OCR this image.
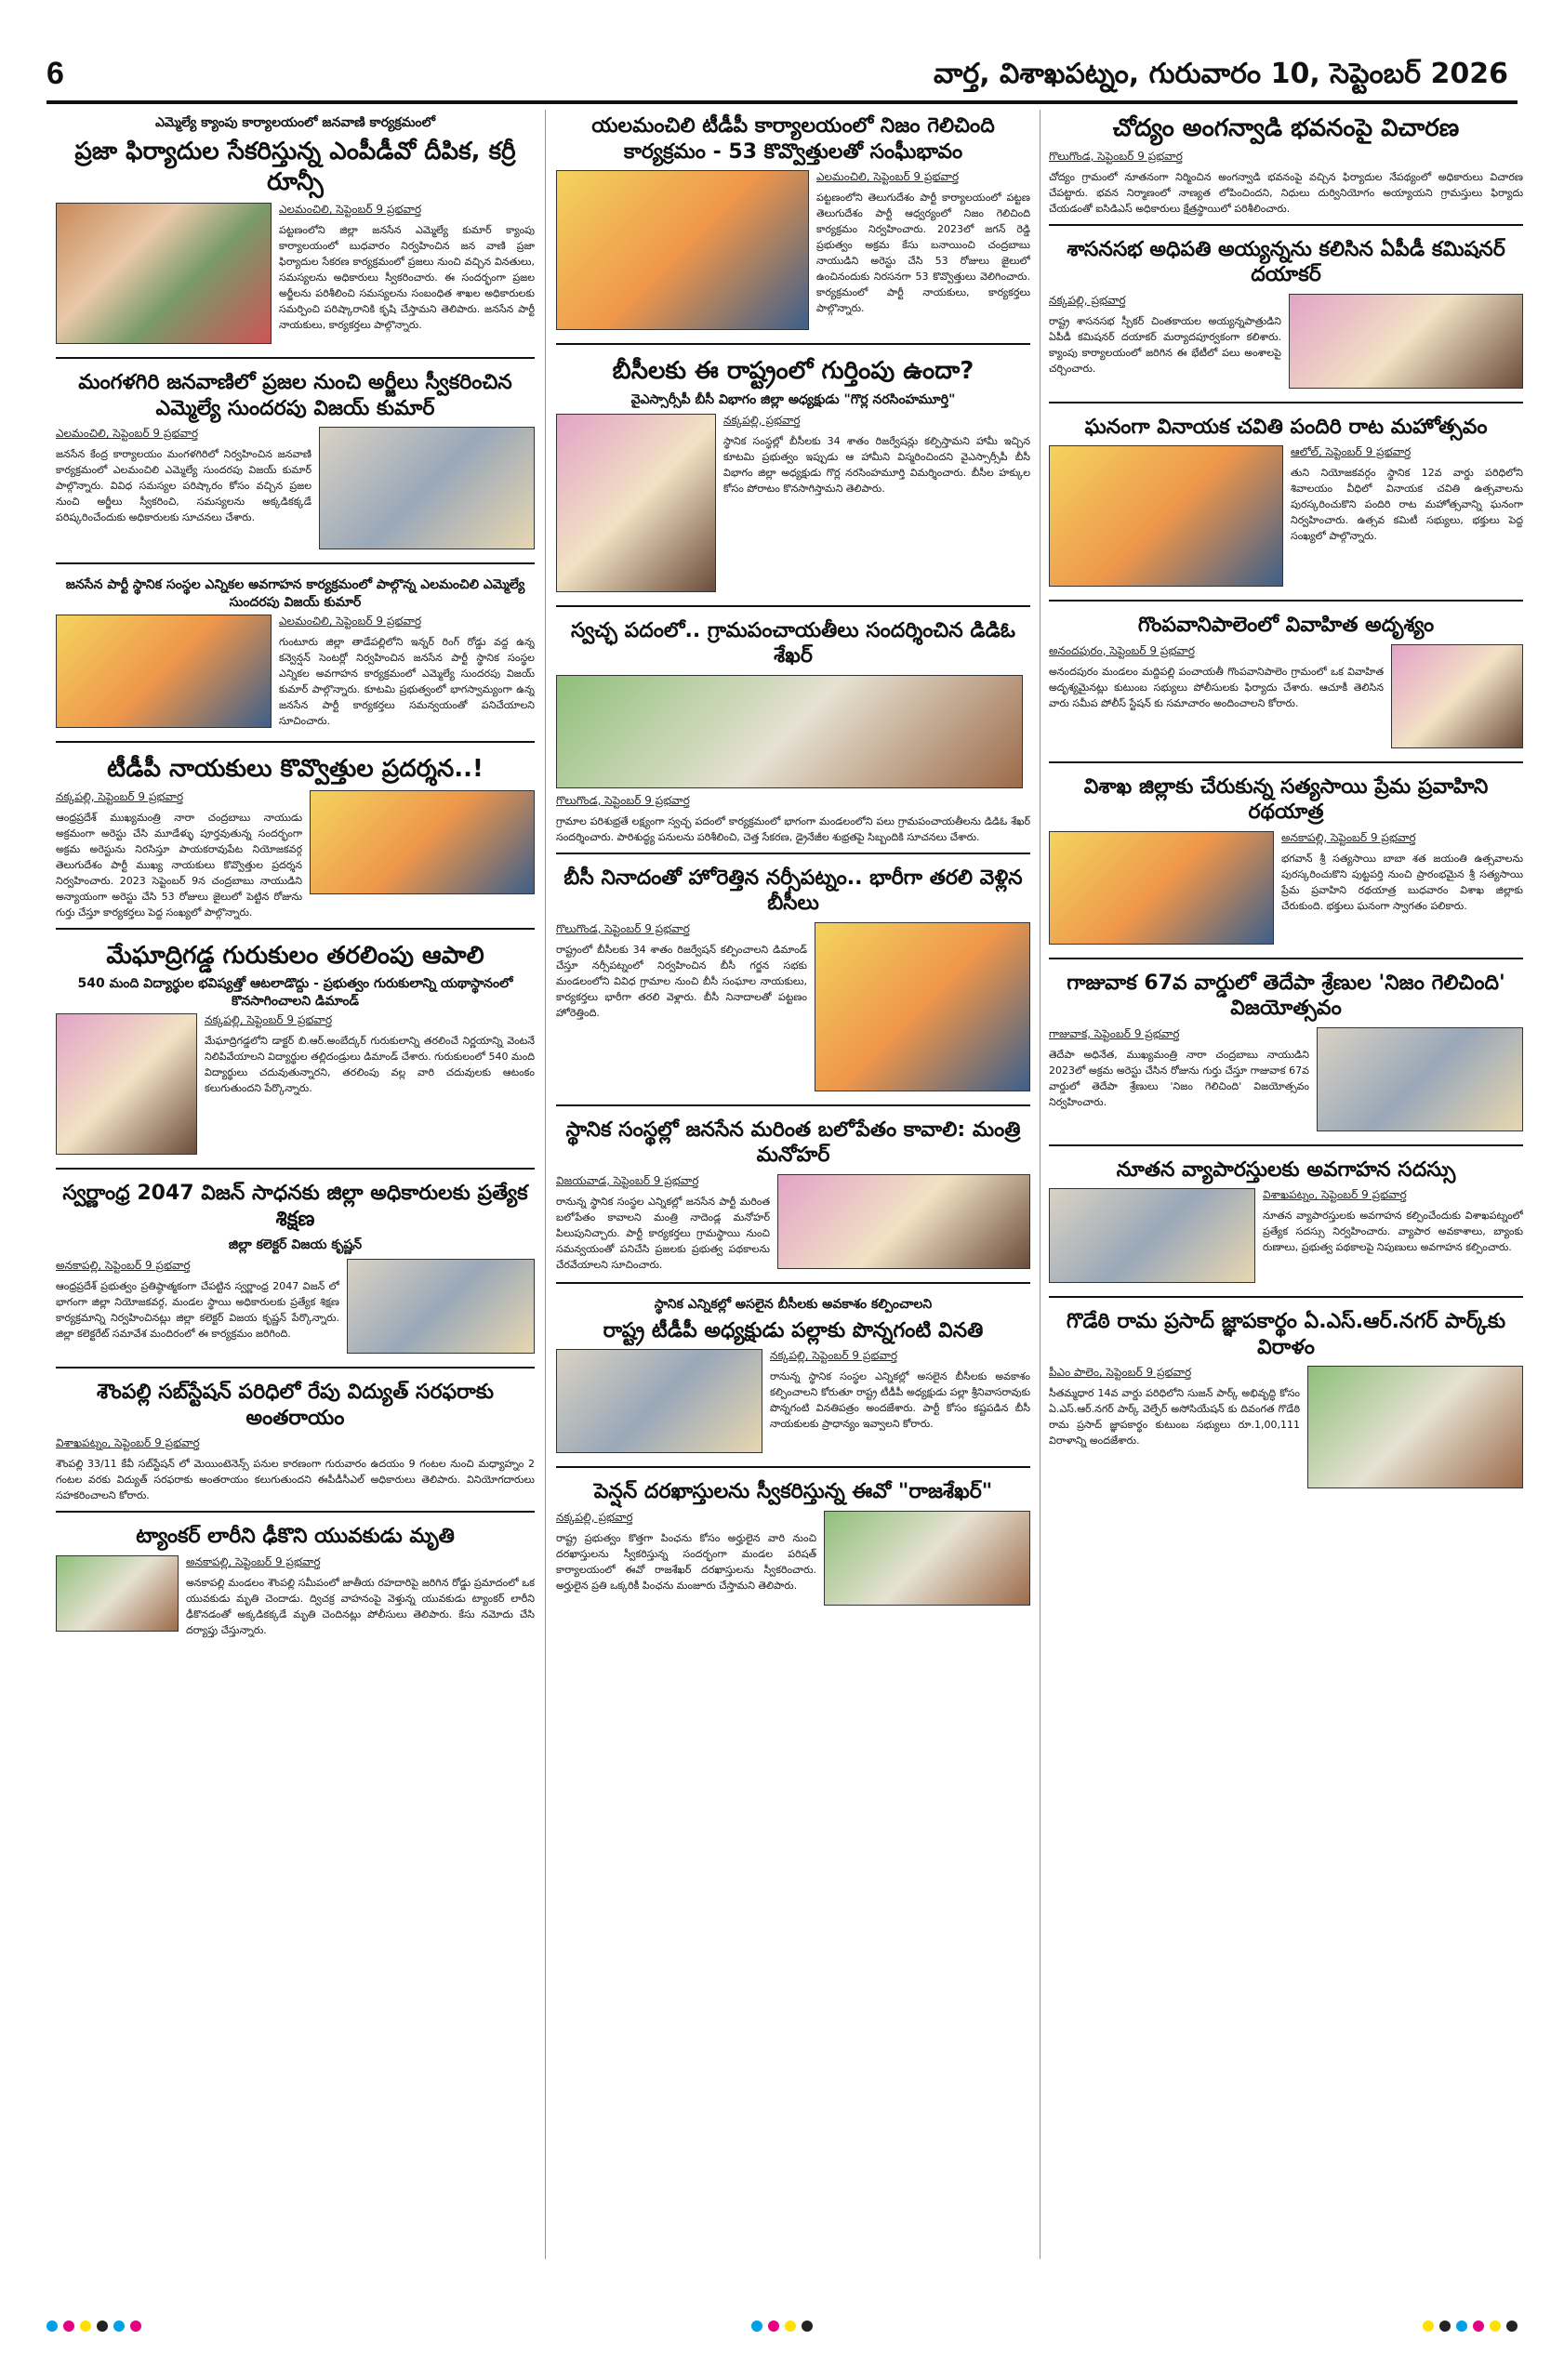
6	వార్త, విశాఖపట్నం, గురువారం 10, సెప్టెంబర్ 2026
ఎమ్మెల్యే క్యాంపు కార్యాలయంలో జనవాణి కార్యక్రమంలో
ప్రజా ఫిర్యాదుల సేకరిస్తున్న ఎంపీడీవో దీపిక, కర్రీ రూన్సీ
ఎలమంచిలి, సెప్టెంబర్ 9 ప్రభవార్త

పట్టణంలోని జిల్లా జనసేన ఎమ్మెల్యే కుమార్ క్యాంపు కార్యాలయంలో బుధవారం నిర్వహించిన జన వాణి ప్రజా ఫిర్యాదుల సేకరణ కార్యక్రమంలో ప్రజలు నుంచి వచ్చిన వినతులు, సమస్యలను అధికారులు స్వీకరించారు. ఈ సందర్భంగా ప్రజల అర్జీలను పరిశీలించి సమస్యలను సంబంధిత శాఖల అధికారులకు సమర్పించి పరిష్కారానికి కృషి చేస్తామని తెలిపారు. జనసేన పార్టీ నాయకులు, కార్యకర్తలు పాల్గొన్నారు.

మంగళగిరి జనవాణిలో ప్రజల నుంచి అర్జీలు స్వీకరించిన ఎమ్మెల్యే సుందరపు విజయ్ కుమార్
ఎలమంచిలి, సెప్టెంబర్ 9 ప్రభవార్త

జనసేన కేంద్ర కార్యాలయం మంగళగిరిలో నిర్వహించిన జనవాణి కార్యక్రమంలో ఎలమంచిలి ఎమ్మెల్యే సుందరపు విజయ్ కుమార్ పాల్గొన్నారు. వివిధ సమస్యల పరిష్కారం కోసం వచ్చిన ప్రజల నుంచి అర్జీలు స్వీకరించి, సమస్యలను అక్కడికక్కడే పరిష్కరించేందుకు అధికారులకు సూచనలు చేశారు.

జనసేన పార్టీ స్థానిక సంస్థల ఎన్నికల అవగాహన కార్యక్రమంలో పాల్గొన్న ఎలమంచిలి ఎమ్మెల్యే సుందరపు విజయ్ కుమార్
ఎలమంచిలి, సెప్టెంబర్ 9 ప్రభవార్త

గుంటూరు జిల్లా తాడేపల్లిలోని ఇన్నర్ రింగ్ రోడ్డు వద్ద ఉన్న కన్వెన్షన్ సెంటర్లో నిర్వహించిన జనసేన పార్టీ స్థానిక సంస్థల ఎన్నికల అవగాహన కార్యక్రమంలో ఎమ్మెల్యే సుందరపు విజయ్ కుమార్ పాల్గొన్నారు. కూటమి ప్రభుత్వంలో భాగస్వామ్యంగా ఉన్న జనసేన పార్టీ కార్యకర్తలు సమన్వయంతో పనిచేయాలని సూచించారు.

టీడీపీ నాయకులు కొవ్వొత్తుల ప్రదర్శన..!
నక్కపల్లి, సెప్టెంబర్ 9 ప్రభవార్త

ఆంధ్రప్రదేశ్ ముఖ్యమంత్రి నారా చంద్రబాబు నాయుడు అక్రమంగా అరెస్టు చేసి మూడేళ్ళు పూర్తవుతున్న సందర్భంగా అక్రమ అరెస్టును నిరసిస్తూ పాయకరావుపేట నియోజకవర్గ తెలుగుదేశం పార్టీ ముఖ్య నాయకులు కొవ్వొత్తుల ప్రదర్శన నిర్వహించారు. 2023 సెప్టెంబర్ 9న చంద్రబాబు నాయుడిని అన్యాయంగా అరెస్టు చేసి 53 రోజులు జైలులో పెట్టిన రోజును గుర్తు చేస్తూ కార్యకర్తలు పెద్ద సంఖ్యలో పాల్గొన్నారు.

మేఘాద్రిగడ్డ గురుకులం తరలింపు ఆపాలి
540 మంది విద్యార్థుల భవిష్యత్తో ఆటలాడొద్దు - ప్రభుత్వం గురుకులాన్ని యథాస్థానంలో కొనసాగించాలని డిమాండ్
నక్కపల్లి, సెప్టెంబర్ 9 ప్రభవార్త

మేఘాద్రిగడ్డలోని డాక్టర్ బి.ఆర్.అంబేద్కర్ గురుకులాన్ని తరలించే నిర్ణయాన్ని వెంటనే నిలిపివేయాలని విద్యార్థుల తల్లిదండ్రులు డిమాండ్ చేశారు. గురుకులంలో 540 మంది విద్యార్థులు చదువుతున్నారని, తరలింపు వల్ల వారి చదువులకు ఆటంకం కలుగుతుందని పేర్కొన్నారు.

స్వర్ణాంధ్ర 2047 విజన్ సాధనకు జిల్లా అధికారులకు ప్రత్యేక శిక్షణ
జిల్లా కలెక్టర్ విజయ కృష్ణన్
అనకాపల్లి, సెప్టెంబర్ 9 ప్రభవార్త

ఆంధ్రప్రదేశ్ ప్రభుత్వం ప్రతిష్ఠాత్మకంగా చేపట్టిన స్వర్ణాంధ్ర 2047 విజన్ లో భాగంగా జిల్లా నియోజకవర్గ, మండల స్థాయి అధికారులకు ప్రత్యేక శిక్షణ కార్యక్రమాన్ని నిర్వహించినట్లు జిల్లా కలెక్టర్ విజయ కృష్ణన్ పేర్కొన్నారు. జిల్లా కలెక్టరేట్ సమావేశ మందిరంలో ఈ కార్యక్రమం జరిగింది.

శౌంపల్లి సబ్‌స్టేషన్ పరిధిలో రేపు విద్యుత్ సరఫరాకు అంతరాయం
విశాఖపట్నం, సెప్టెంబర్ 9 ప్రభవార్త

శౌంపల్లి 33/11 కేవీ సబ్‌స్టేషన్ లో మెయింటెనెన్స్ పనుల కారణంగా గురువారం ఉదయం 9 గంటల నుంచి మధ్యాహ్నం 2 గంటల వరకు విద్యుత్ సరఫరాకు అంతరాయం కలుగుతుందని ఈపీడీసీఎల్ అధికారులు తెలిపారు. వినియోగదారులు సహకరించాలని కోరారు.

ట్యాంకర్ లారీని ఢీకొని యువకుడు మృతి
అనకాపల్లి, సెప్టెంబర్ 9 ప్రభవార్త

అనకాపల్లి మండలం శౌంపల్లి సమీపంలో జాతీయ రహదారిపై జరిగిన రోడ్డు ప్రమాదంలో ఒక యువకుడు మృతి చెందాడు. ద్విచక్ర వాహనంపై వెళ్తున్న యువకుడు ట్యాంకర్ లారీని ఢీకొనడంతో అక్కడికక్కడే మృతి చెందినట్లు పోలీసులు తెలిపారు. కేసు నమోదు చేసి దర్యాప్తు చేస్తున్నారు.

యలమంచిలి టీడీపీ కార్యాలయంలో నిజం గెలిచింది కార్యక్రమం - 53 కొవ్వొత్తులతో సంఘీభావం
ఎలమంచిలి, సెప్టెంబర్ 9 ప్రభవార్త

పట్టణంలోని తెలుగుదేశం పార్టీ కార్యాలయంలో పట్టణ తెలుగుదేశం పార్టీ ఆధ్వర్యంలో నిజం గెలిచింది కార్యక్రమం నిర్వహించారు. 2023లో జగన్ రెడ్డి ప్రభుత్వం అక్రమ కేసు బనాయించి చంద్రబాబు నాయుడిని అరెస్టు చేసి 53 రోజులు జైలులో ఉంచినందుకు నిరసనగా 53 కొవ్వొత్తులు వెలిగించారు. కార్యక్రమంలో పార్టీ నాయకులు, కార్యకర్తలు పాల్గొన్నారు.

బీసీలకు ఈ రాష్ట్రంలో గుర్తింపు ఉందా?
వైఎస్సార్సీపీ బీసీ విభాగం జిల్లా అధ్యక్షుడు "గొర్ల నరసింహమూర్తి"
నక్కపల్లి, ప్రభవార్త

స్థానిక సంస్థల్లో బీసీలకు 34 శాతం రిజర్వేషన్లు కల్పిస్తామని హామీ ఇచ్చిన కూటమి ప్రభుత్వం ఇప్పుడు ఆ హామీని విస్మరించిందని వైఎస్సార్సీపీ బీసీ విభాగం జిల్లా అధ్యక్షుడు గొర్ల నరసింహమూర్తి విమర్శించారు. బీసీల హక్కుల కోసం పోరాటం కొనసాగిస్తామని తెలిపారు.

స్వచ్ఛ పదంలో.. గ్రామపంచాయతీలు సందర్శించిన డిడిఓ శేఖర్
గొలుగొండ, సెప్టెంబర్ 9 ప్రభవార్త

గ్రామాల పరిశుభ్రతే లక్ష్యంగా స్వచ్ఛ పదంలో కార్యక్రమంలో భాగంగా మండలంలోని పలు గ్రామపంచాయతీలను డిడిఓ శేఖర్ సందర్శించారు. పారిశుద్ధ్య పనులను పరిశీలించి, చెత్త సేకరణ, డ్రైనేజీల శుభ్రతపై సిబ్బందికి సూచనలు చేశారు.

బీసీ నినాదంతో హోరెత్తిన నర్సీపట్నం.. భారీగా తరలి వెళ్లిన బీసీలు
గొలుగొండ, సెప్టెంబర్ 9 ప్రభవార్త

రాష్ట్రంలో బీసీలకు 34 శాతం రిజర్వేషన్ కల్పించాలని డిమాండ్ చేస్తూ నర్సీపట్నంలో నిర్వహించిన బీసీ గర్జన సభకు మండలంలోని వివిధ గ్రామాల నుంచి బీసీ సంఘాల నాయకులు, కార్యకర్తలు భారీగా తరలి వెళ్లారు. బీసీ నినాదాలతో పట్టణం హోరెత్తింది.

స్థానిక సంస్థల్లో జనసేన మరింత బలోపేతం కావాలి: మంత్రి మనోహర్
విజయవాడ, సెప్టెంబర్ 9 ప్రభవార్త

రానున్న స్థానిక సంస్థల ఎన్నికల్లో జనసేన పార్టీ మరింత బలోపేతం కావాలని మంత్రి నాదెండ్ల మనోహర్ పిలుపునిచ్చారు. పార్టీ కార్యకర్తలు గ్రామస్థాయి నుంచి సమన్వయంతో పనిచేసి ప్రజలకు ప్రభుత్వ పథకాలను చేరవేయాలని సూచించారు.

స్థానిక ఎన్నికల్లో అసలైన బీసీలకు అవకాశం కల్పించాలని
రాష్ట్ర టీడీపీ అధ్యక్షుడు పల్లాకు పొన్నగంటి వినతి
నక్కపల్లి, సెప్టెంబర్ 9 ప్రభవార్త

రానున్న స్థానిక సంస్థల ఎన్నికల్లో అసలైన బీసీలకు అవకాశం కల్పించాలని కోరుతూ రాష్ట్ర టీడీపీ అధ్యక్షుడు పల్లా శ్రీనివాసరావుకు పొన్నగంటి వినతిపత్రం అందజేశారు. పార్టీ కోసం కష్టపడిన బీసీ నాయకులకు ప్రాధాన్యం ఇవ్వాలని కోరారు.

పెన్షన్ దరఖాస్తులను స్వీకరిస్తున్న ఈవో "రాజశేఖర్"
నక్కపల్లి, ప్రభవార్త

రాష్ట్ర ప్రభుత్వం కొత్తగా పింఛను కోసం అర్హులైన వారి నుంచి దరఖాస్తులను స్వీకరిస్తున్న సందర్భంగా మండల పరిషత్ కార్యాలయంలో ఈవో రాజశేఖర్ దరఖాస్తులను స్వీకరించారు. అర్హులైన ప్రతి ఒక్కరికీ పింఛను మంజూరు చేస్తామని తెలిపారు.

చోద్యం అంగన్వాడి భవనంపై విచారణ
గొలుగొండ, సెప్టెంబర్ 9 ప్రభవార్త

చోద్యం గ్రామంలో నూతనంగా నిర్మించిన అంగన్వాడి భవనంపై వచ్చిన ఫిర్యాదుల నేపథ్యంలో అధికారులు విచారణ చేపట్టారు. భవన నిర్మాణంలో నాణ్యత లోపించిందని, నిధులు దుర్వినియోగం అయ్యాయని గ్రామస్తులు ఫిర్యాదు చేయడంతో ఐసిడిఎస్ అధికారులు క్షేత్రస్థాయిలో పరిశీలించారు.

శాసనసభ అధిపతి అయ్యన్నను కలిసిన ఏపీడీ కమిషనర్ దయాకర్
నక్కపల్లి, ప్రభవార్త

రాష్ట్ర శాసనసభ స్పీకర్ చింతకాయల అయ్యన్నపాత్రుడిని ఏపీడీ కమిషనర్ దయాకర్ మర్యాదపూర్వకంగా కలిశారు. క్యాంపు కార్యాలయంలో జరిగిన ఈ భేటీలో పలు అంశాలపై చర్చించారు.

ఘనంగా వినాయక చవితి పందిరి రాట మహోత్సవం
ఆలోల్, సెప్టెంబర్ 9 ప్రభవార్త

తుని నియోజకవర్గం స్థానిక 12వ వార్డు పరిధిలోని శివాలయం వీధిలో వినాయక చవితి ఉత్సవాలను పురస్కరించుకొని పందిరి రాట మహోత్సవాన్ని ఘనంగా నిర్వహించారు. ఉత్సవ కమిటీ సభ్యులు, భక్తులు పెద్ద సంఖ్యలో పాల్గొన్నారు.

గొంపవానిపాలెంలో వివాహిత అదృశ్యం
అనందపురం, సెప్టెంబర్ 9 ప్రభవార్త

అనందపురం మండలం మద్దిపల్లి పంచాయతీ గొంపవానిపాలెం గ్రామంలో ఒక వివాహిత అదృశ్యమైనట్లు కుటుంబ సభ్యులు పోలీసులకు ఫిర్యాదు చేశారు. ఆచూకీ తెలిసిన వారు సమీప పోలీస్ స్టేషన్ కు సమాచారం అందించాలని కోరారు.

విశాఖ జిల్లాకు చేరుకున్న సత్యసాయి ప్రేమ ప్రవాహిని రథయాత్ర
అనకాపల్లి, సెప్టెంబర్ 9 ప్రభవార్త

భగవాన్ శ్రీ సత్యసాయి బాబా శత జయంతి ఉత్సవాలను పురస్కరించుకొని పుట్టపర్తి నుంచి ప్రారంభమైన శ్రీ సత్యసాయి ప్రేమ ప్రవాహిని రథయాత్ర బుధవారం విశాఖ జిల్లాకు చేరుకుంది. భక్తులు ఘనంగా స్వాగతం పలికారు.

గాజువాక 67వ వార్డులో తెదేపా శ్రేణుల 'నిజం గెలిచింది' విజయోత్సవం
గాజువాక, సెప్టెంబర్ 9 ప్రభవార్త

తెదేపా అధినేత, ముఖ్యమంత్రి నారా చంద్రబాబు నాయుడిని 2023లో అక్రమ అరెస్టు చేసిన రోజును గుర్తు చేస్తూ గాజువాక 67వ వార్డులో తెదేపా శ్రేణులు 'నిజం గెలిచింది' విజయోత్సవం నిర్వహించారు.

నూతన వ్యాపారస్తులకు అవగాహన సదస్సు
విశాఖపట్నం, సెప్టెంబర్ 9 ప్రభవార్త

నూతన వ్యాపారస్తులకు అవగాహన కల్పించేందుకు విశాఖపట్నంలో ప్రత్యేక సదస్సు నిర్వహించారు. వ్యాపార అవకాశాలు, బ్యాంకు రుణాలు, ప్రభుత్వ పథకాలపై నిపుణులు అవగాహన కల్పించారు.

గొడేఠి రామ ప్రసాద్ జ్ఞాపకార్థం ఏ.ఎస్.ఆర్.నగర్ పార్క్‌కు విరాళం
పీఎం పాలెం, సెప్టెంబర్ 9 ప్రభవార్త

సీతమ్మధార 14వ వార్డు పరిధిలోని సుజన్ పార్క్ అభివృద్ధి కోసం ఏ.ఎస్.ఆర్.నగర్ పార్క్ వెల్ఫేర్ అసోసియేషన్ కు దివంగత గొడేఠి రామ ప్రసాద్ జ్ఞాపకార్థం కుటుంబ సభ్యులు రూ.1,00,111 విరాళాన్ని అందజేశారు.
